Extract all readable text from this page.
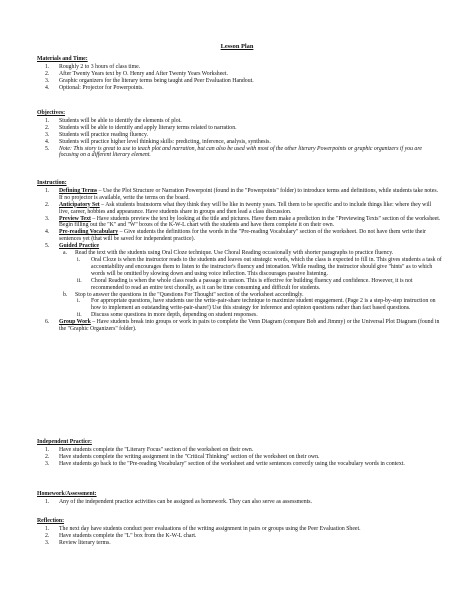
Lesson Plan
Materials and Time:
1.	Roughly 2 to 3 hours of class time.
2.	After Twenty Years text by O. Henry and After Twenty Years Worksheet.
3.	Graphic organizers for the literary terms being taught and Peer Evaluation Handout.
4.	Optional: Projector for Powerpoints.
Objectives:
1.	Students will be able to identify the elements of plot.
2.	Students will be able to identify and apply literary terms related to narration.
3.	Students will practice reading fluency.
4.	Students will practice higher level thinking skills: predicting, inference, analysis, synthesis.
5.	Note: This story is great to use to teach plot and narration, but can also be used with most of the other literary Powerpoints or graphic organizers if you are focusing on a different literary element.
Instruction:
1.	Defining Terms – Use the Plot Structure or Narration Powerpoint (found in the "Powerpoints" folder) to introduce terms and definitions, while students take notes. If no projector is available, write the terms on the board.
2.	Anticipatory Set – Ask students brainstorm what they think they will be like in twenty years. Tell them to be specific and to include things like: where they will live, career, hobbies and appearance. Have students share in groups and then lead a class discussion.
3.	Preview Text – Have students preview the text by looking at the title and pictures. Have them make a prediction in the "Previewing Texts" section of the worksheet. Begin filling out the "K" and "W" boxes of the K-W-L chart with the students and have them complete it on their own.
4.	Pre-reading Vocabulary – Give students the definitions for the words in the "Pre-reading Vocabulary" section of the worksheet. Do not have them write their sentences yet (that will be saved for independent practice).
5.	Guided Practice
a. Read the text with the students using Oral Cloze technique. Use Choral Reading occasionally with shorter paragraphs to practice fluency.
i. Oral Cloze is when the instructor reads to the students and leaves out strategic words, which the class is expected to fill in. This gives students a task of accountability and encourages them to listen to the instructor's fluency and intonation. While reading, the instructor should give "hints" as to which words will be omitted by slowing down and using voice inflection. This discourages passive listening.
ii. Choral Reading is when the whole class reads a passage in unison. This is effective for building fluency and confidence. However, it is not recommended to read an entire text chorally, as it can be time consuming and difficult for students.
b. Stop to answer the questions in the "Questions For Thought" section of the worksheet accordingly.
i. For appropriate questions, have students use the write-pair-share technique to maximize student engagement. (Page 2 is a step-by-step instruction on how to implement an outstanding write-pair-share!) Use this strategy for inference and opinion questions rather than fact based questions.
ii. Discuss some questions in more depth, depending on student responses.
6.	Group Work – Have students break into groups or work in pairs to complete the Venn Diagram (compare Bob and Jimmy) or the Universal Plot Diagram (found in the "Graphic Organizers" folder).
Independent Practice:
1.	Have students complete the "Literary Focus" section of the worksheet on their own.
2.	Have students complete the writing assignment in the "Critical Thinking" section of the worksheet on their own.
3.	Have students go back to the "Pre-reading Vocabulary" section of the worksheet and write sentences correctly using the vocabulary words in context.
Homework/Assessment:
1.	Any of the independent practice activities can be assigned as homework. They can also serve as assessments.
Reflection:
1.	The next day have students conduct peer evaluations of the writing assignment in pairs or groups using the Peer Evaluation Sheet.
2.	Have students complete the "L" box from the K-W-L chart.
3.	Review literary terms.
